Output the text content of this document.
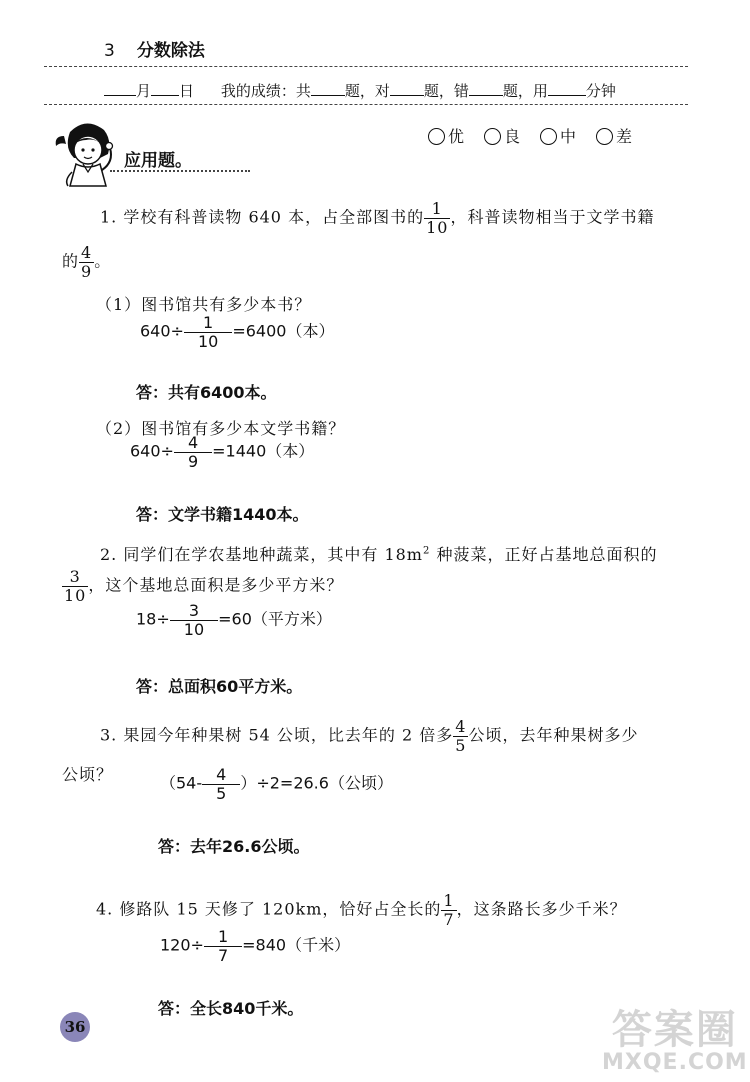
3 分数除法
月 日 我的成绩：共 题，对 题，错 题，用	分钟
应用题。
优	良	中	差
1. 学校有科普读物 640 本，占全部图书的 $\frac{1}{10}$ ，科普读物相当于文学书籍
的 $\frac{4}{9}$ 。
（1）图书馆共有多少本书？
$640\div \frac{1}{10} =6400$（本）
答：共有6400本。
（2）图书馆有多少本文学书籍？
$640\div \frac{4}{9} =1440$（本）
答：文学书籍1440本。
2. 同学们在学农基地种蔬菜，其中有 $18m^2$ 种菠菜，正好占基地总面积的
$\frac{3}{10}$ ，这个基地总面积是多少平方米？
$18\div \frac{3}{10} =60$（平方米）
答：总面积60平方米。
3. 果园今年种果树 54 公顷，比去年的 2 倍多 $\frac{4}{5}$ 公顷，去年种果树多少
公顷？	$(54- \frac{4}{5} )\div 2=26.6$（公顷）
答：去年26.6公顷。
4. 修路队 15 天修了 120km，恰好占全长的 $\frac{1}{7}$ ，这条路长多少千米？
$120\div \frac{1}{7} =840$（千米）
答：全长840千米。
36	答案圈
MXQE.COM
